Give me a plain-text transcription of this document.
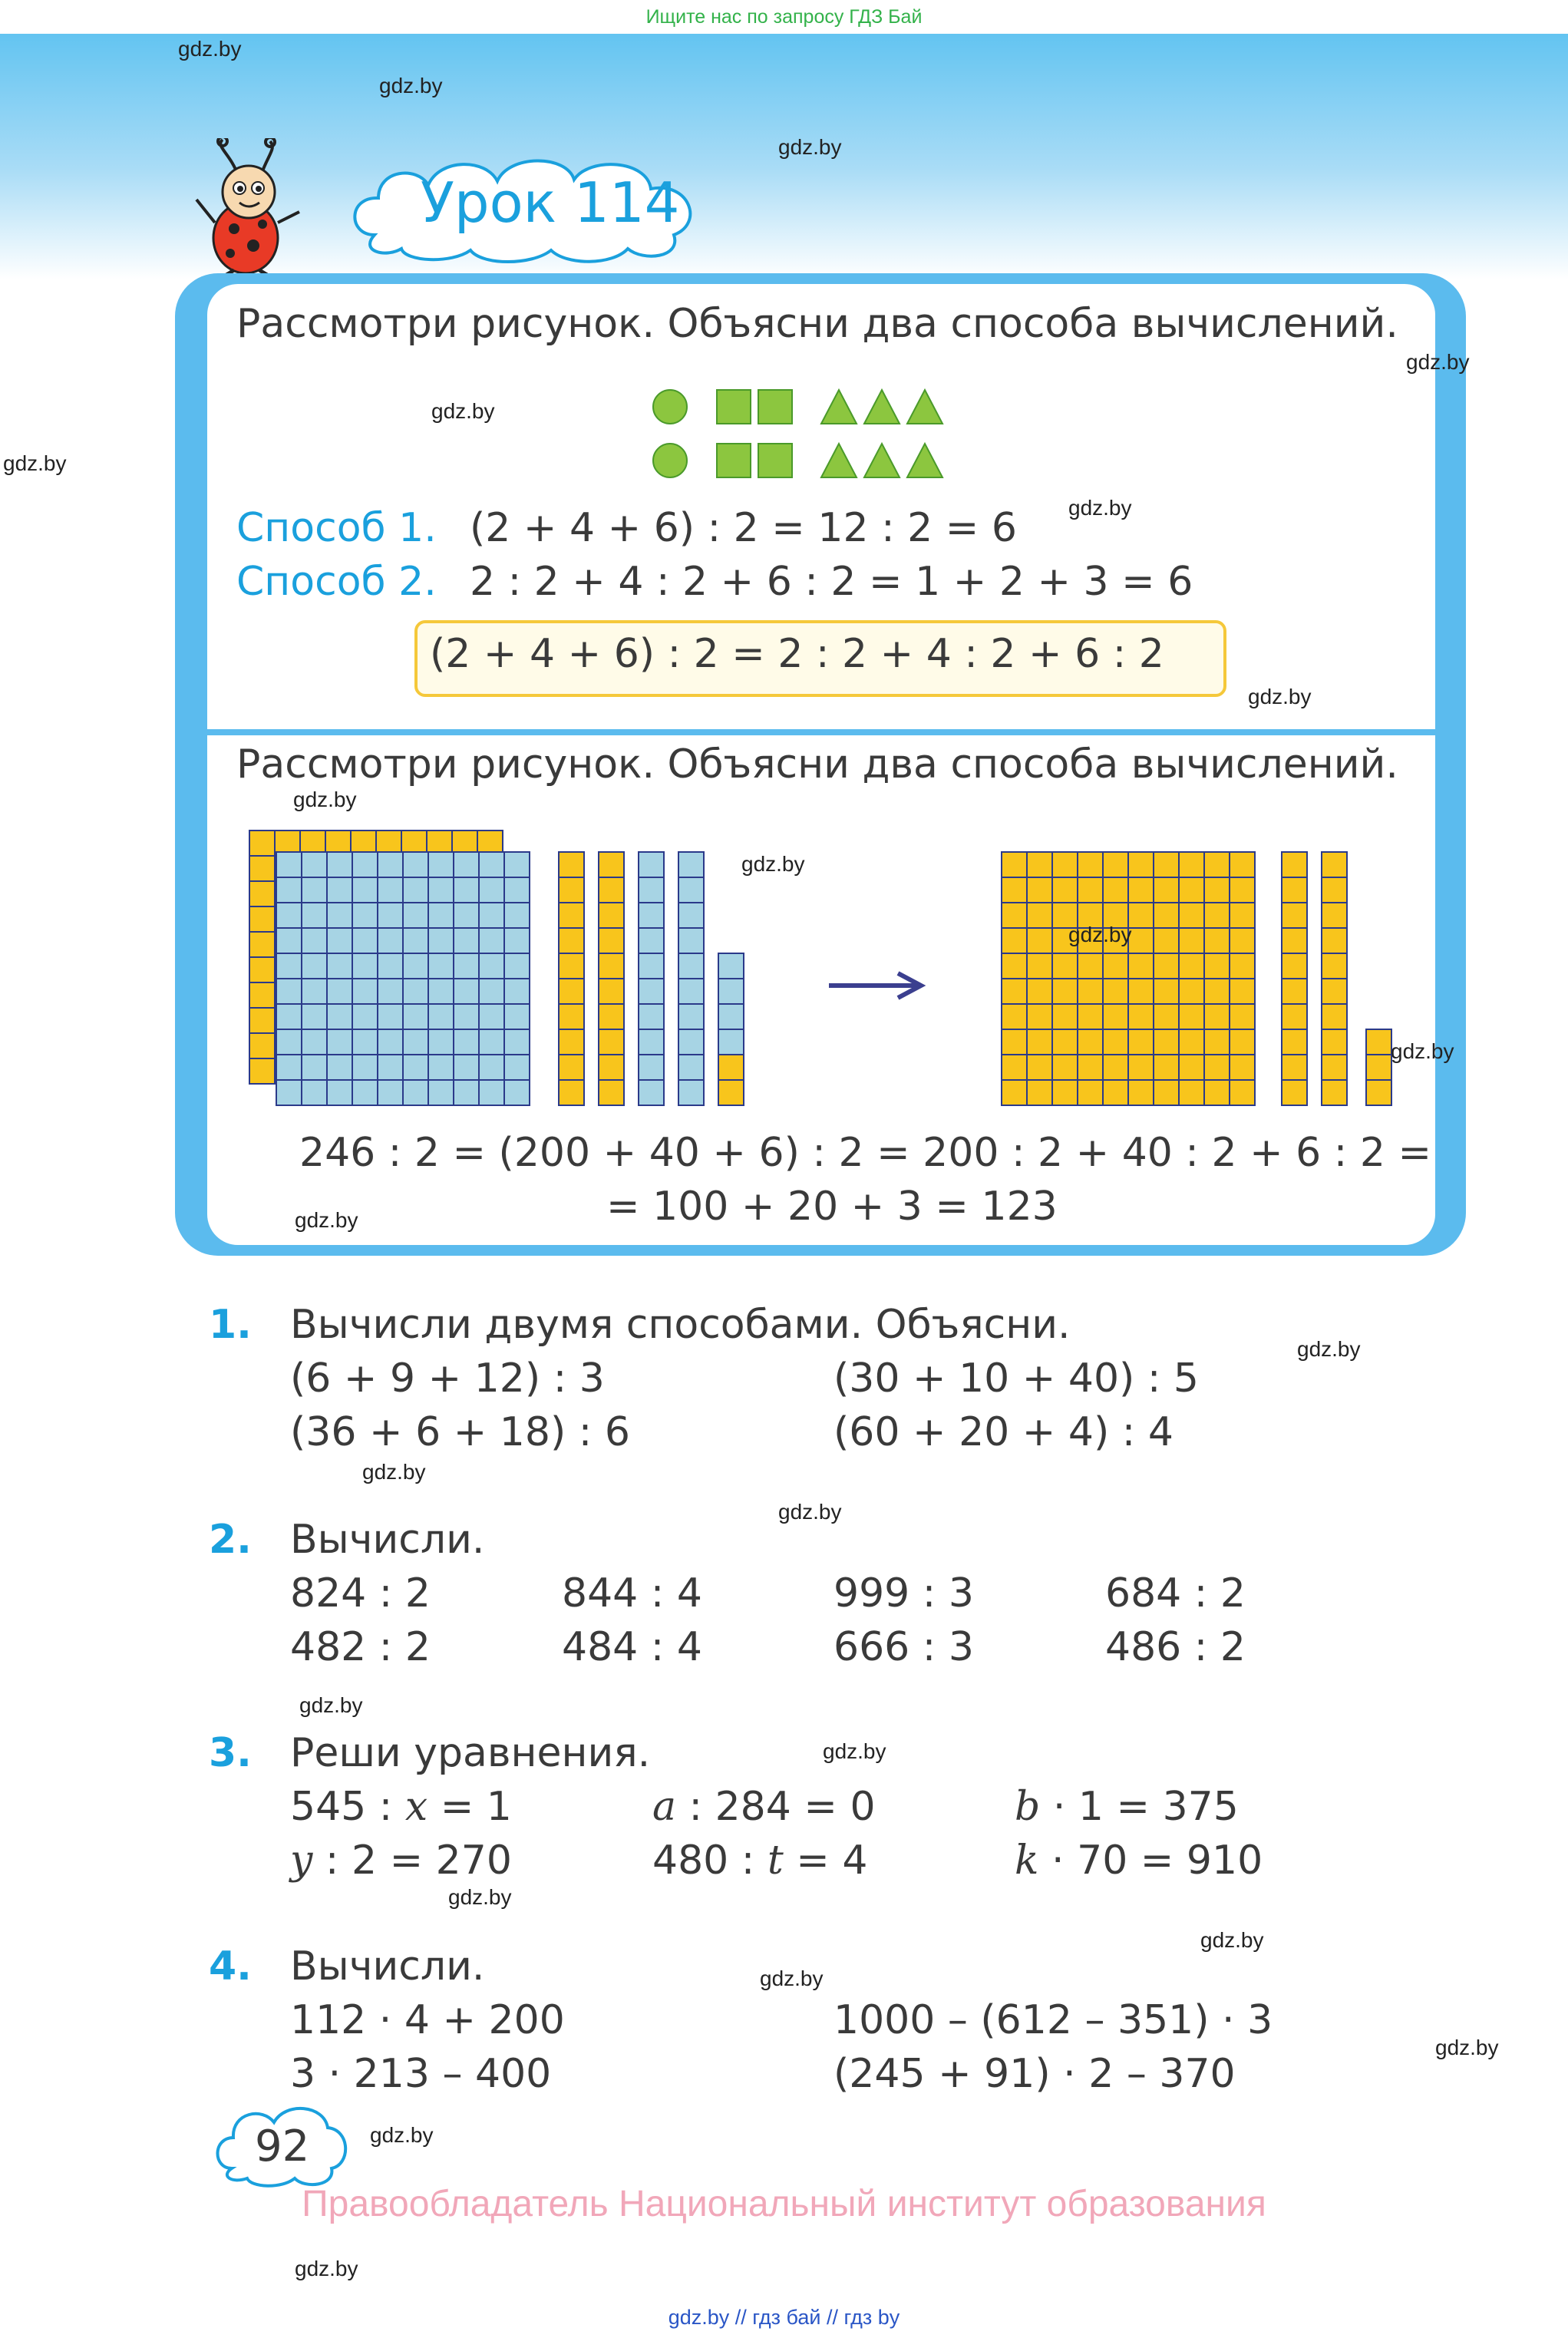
Ищите нас по запросу ГДЗ Бай
Урок 114
Рассмотри рисунок. Объясни два способа вычислений.
Способ 1. (2 + 4 + 6) : 2 = 12 : 2 = 6
Способ 2. 2 : 2 + 4 : 2 + 6 : 2 = 1 + 2 + 3 = 6
(2 + 4 + 6) : 2 = 2 : 2 + 4 : 2 + 6 : 2
Рассмотри рисунок. Объясни два способа вычислений.
246 : 2 = (200 + 40 + 6) : 2 = 200 : 2 + 40 : 2 + 6 : 2 =
= 100 + 20 + 3 = 123
1. Вычисли двумя способами. Объясни.
(6 + 9 + 12) : 3	(30 + 10 + 40) : 5
(36 + 6 + 18) : 6	(60 + 20 + 4) : 4
2. Вычисли.
824 : 2	844 : 4	999 : 3	684 : 2
482 : 2	484 : 4	666 : 3	486 : 2
3. Реши уравнения.
545 : x = 1	a : 284 = 0	b · 1 = 375
y : 2 = 270	480 : t = 4	k · 70 = 910
4. Вычисли.
112 · 4 + 200	1000 – (612 – 351) · 3
3 · 213 – 400	(245 + 91) · 2 – 370
92
Правообладатель Национальный институт образования
gdz.by // гдз бай // гдз by
gdz.by
gdz.by
gdz.by
gdz.by
gdz.by
gdz.by
gdz.by
gdz.by
gdz.by
gdz.by
gdz.by
gdz.by
gdz.by
gdz.by
gdz.by
gdz.by
gdz.by
gdz.by
gdz.by
gdz.by
gdz.by
gdz.by
gdz.by
gdz.by
